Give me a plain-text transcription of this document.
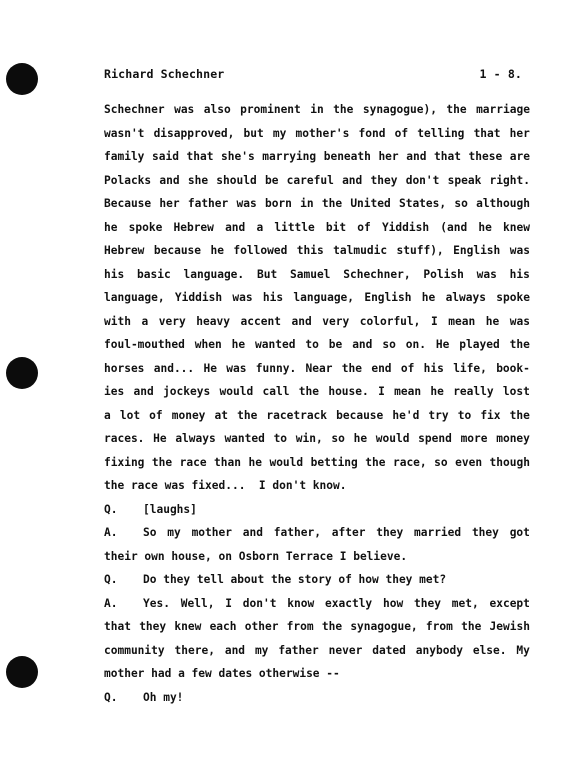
Richard Schechner	1 - 8.
Schechner was also prominent in the synagogue), the marriage
wasn't disapproved, but my mother's fond of telling that her
family said that she's marrying beneath her and that these are
Polacks and she should be careful and they don't speak right.
Because her father was born in the United States, so although
he spoke Hebrew and a little bit of Yiddish (and he knew
Hebrew because he followed this talmudic stuff), English was
his basic language. But Samuel Schechner, Polish was his
language, Yiddish was his language, English he always spoke
with a very heavy accent and very colorful, I mean he was
foul-mouthed when he wanted to be and so on. He played the
horses and... He was funny. Near the end of his life, book-
ies and jockeys would call the house. I mean he really lost
a lot of money at the racetrack because he'd try to fix the
races. He always wanted to win, so he would spend more money
fixing the race than he would betting the race, so even though
the race was fixed...  I don't know.
Q. [laughs]
A.	So my mother and father, after they married they got
their own house, on Osborn Terrace I believe.
Q. Do they tell about the story of how they met?
A.	Yes. Well, I don't know exactly how they met, except
that they knew each other from the synagogue, from the Jewish
community there, and my father never dated anybody else. My
mother had a few dates otherwise --
Q. Oh my!
